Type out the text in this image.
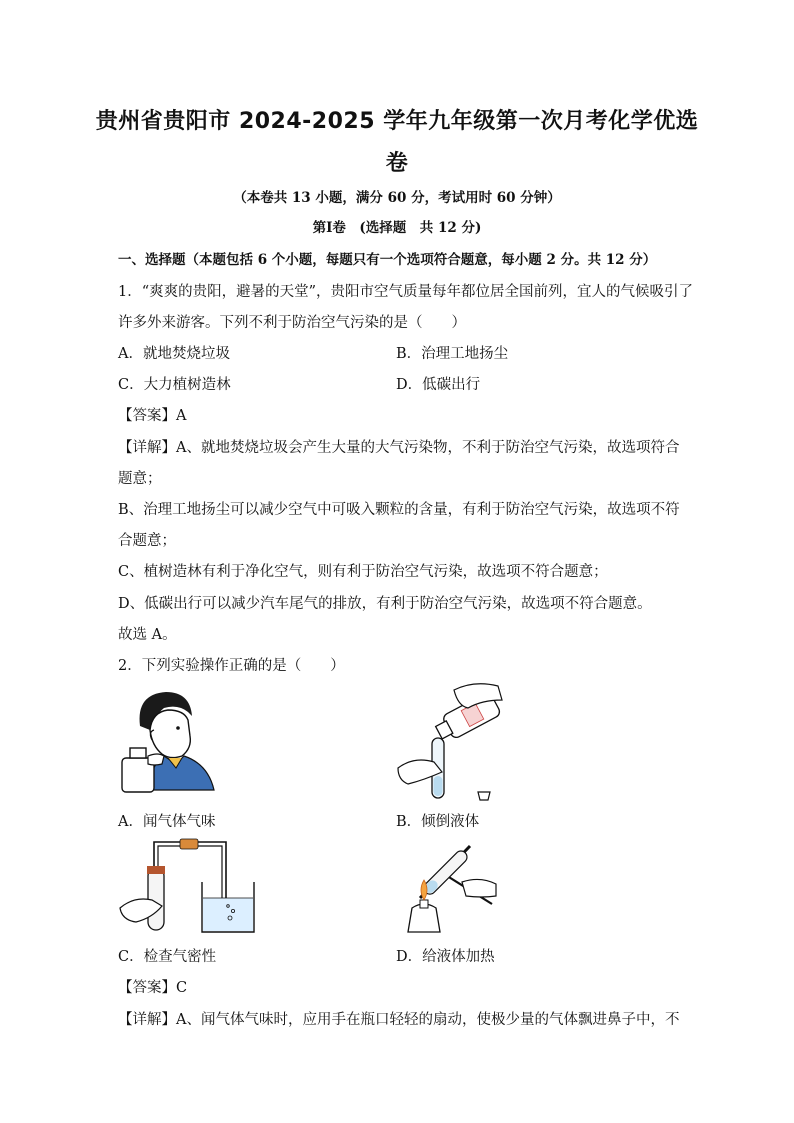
贵州省贵阳市 2024-2025 学年九年级第一次月考化学优选
卷
（本卷共 13 小题，满分 60 分，考试用时 60 分钟）
第Ⅰ卷　(选择题　共 12 分)
一、选择题（本题包括 6 个小题，每题只有一个选项符合题意，每小题 2 分。共 12 分）
1．“爽爽的贵阳，避暑的天堂”，贵阳市空气质量每年都位居全国前列，宜人的气候吸引了
许多外来游客。下列不利于防治空气污染的是（　　）
A．就地焚烧垃圾	B．治理工地扬尘
C．大力植树造林	D．低碳出行
【答案】A
【详解】A、就地焚烧垃圾会产生大量的大气污染物，不利于防治空气污染，故选项符合
题意；
B、治理工地扬尘可以减少空气中可吸入颗粒的含量，有利于防治空气污染，故选项不符
合题意；
C、植树造林有利于净化空气，则有利于防治空气污染，故选项不符合题意；
D、低碳出行可以减少汽车尾气的排放，有利于防治空气污染，故选项不符合题意。
故选 A。
2．下列实验操作正确的是（　　）
A．闻气体气味	B．倾倒液体
C．检查气密性	D．给液体加热
【答案】C
【详解】A、闻气体气味时，应用手在瓶口轻轻的扇动，使极少量的气体飘进鼻子中，不
